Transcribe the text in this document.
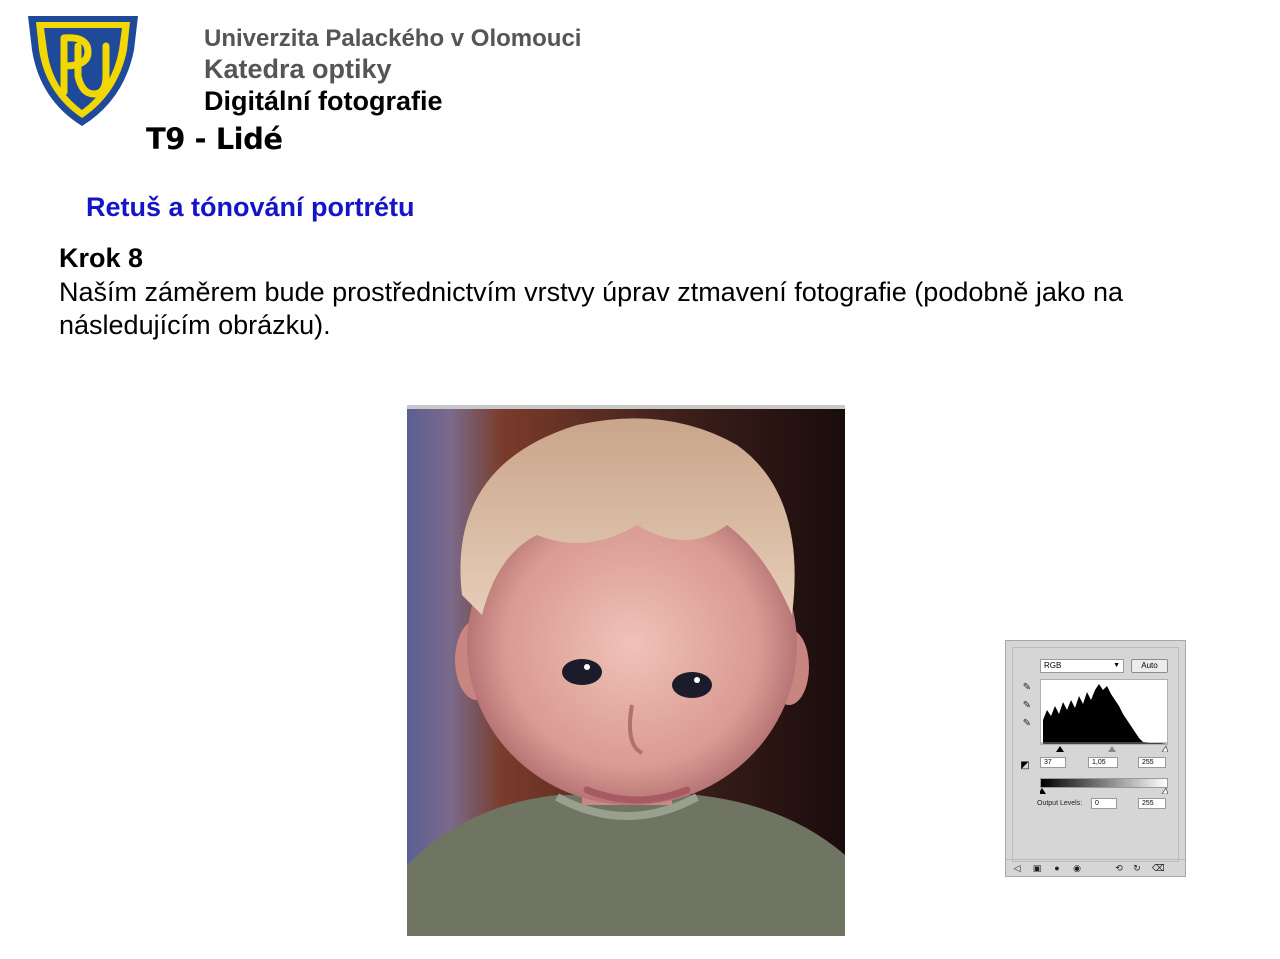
Univerzita Palackého v Olomouci
Katedra optiky
Digitální fotografie
T9 - Lidé
Retuš a tónování portrétu
Krok 8
Naším záměrem bude prostřednictvím vrstvy úprav ztmavení fotografie (podobně jako na následujícím obrázku).
RGB	▼	Auto
✎
✎
✎
◩	37	1,05	255
Output Levels:	0	255
◁ ▣ ● ◉	⟲ ↻ ⌫
